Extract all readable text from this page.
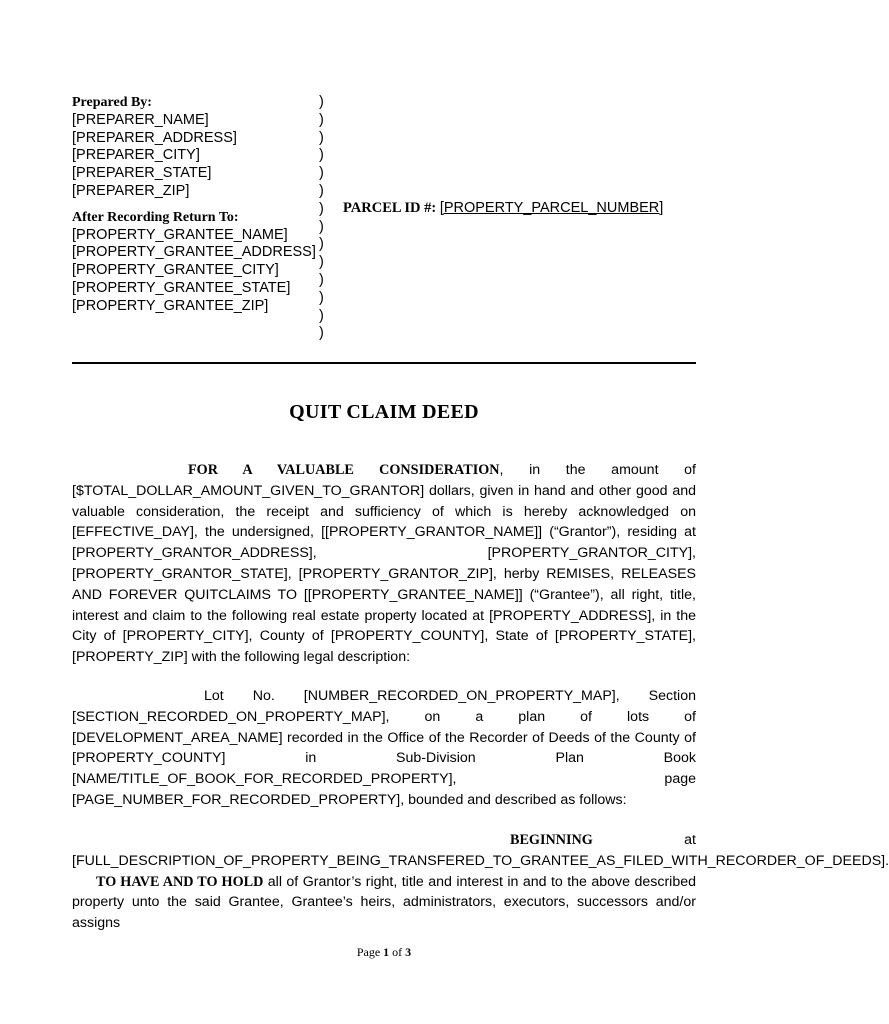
Prepared By:
[PREPARER_NAME]
[PREPARER_ADDRESS]
[PREPARER_CITY]
[PREPARER_STATE]
[PREPARER_ZIP]
After Recording Return To:
[PROPERTY_GRANTEE_NAME]
[PROPERTY_GRANTEE_ADDRESS]
[PROPERTY_GRANTEE_CITY]
[PROPERTY_GRANTEE_STATE]
[PROPERTY_GRANTEE_ZIP]
)
)
)
)
)
)
)
)
)
)
)
)
)
)
PARCEL ID #: [PROPERTY_PARCEL_NUMBER]
QUIT CLAIM DEED
FOR A VALUABLE CONSIDERATION, in the amount of [$TOTAL_DOLLAR_AMOUNT_GIVEN_TO_GRANTOR] dollars, given in hand and other good and valuable consideration, the receipt and sufficiency of which is hereby acknowledged on [EFFECTIVE_DAY], the undersigned, [[PROPERTY_GRANTOR_NAME]] (“Grantor”), residing at [PROPERTY_GRANTOR_ADDRESS], [PROPERTY_GRANTOR_CITY], [PROPERTY_GRANTOR_STATE], [PROPERTY_GRANTOR_ZIP], herby REMISES, RELEASES AND FOREVER QUITCLAIMS TO [[PROPERTY_GRANTEE_NAME]] (“Grantee”), all right, title, interest and claim to the following real estate property located at [PROPERTY_ADDRESS], in the City of [PROPERTY_CITY], County of [PROPERTY_COUNTY], State of [PROPERTY_STATE], [PROPERTY_ZIP] with the following legal description:
Lot No. [NUMBER_RECORDED_ON_PROPERTY_MAP], Section [SECTION_RECORDED_ON_PROPERTY_MAP], on a plan of lots of [DEVELOPMENT_AREA_NAME] recorded in the Office of the Recorder of Deeds of the County of [PROPERTY_COUNTY] in Sub-Division Plan Book [NAME/TITLE_OF_BOOK_FOR_RECORDED_PROPERTY], page [PAGE_NUMBER_FOR_RECORDED_PROPERTY], bounded and described as follows:
BEGINNING at [FULL_DESCRIPTION_OF_PROPERTY_BEING_TRANSFERED_TO_GRANTEE_AS_FILED_WITH_RECORDER_OF_DEEDS].
TO HAVE AND TO HOLD all of Grantor’s right, title and interest in and to the above described property unto the said Grantee, Grantee’s heirs, administrators, executors, successors and/or assigns
Page 1 of 3
